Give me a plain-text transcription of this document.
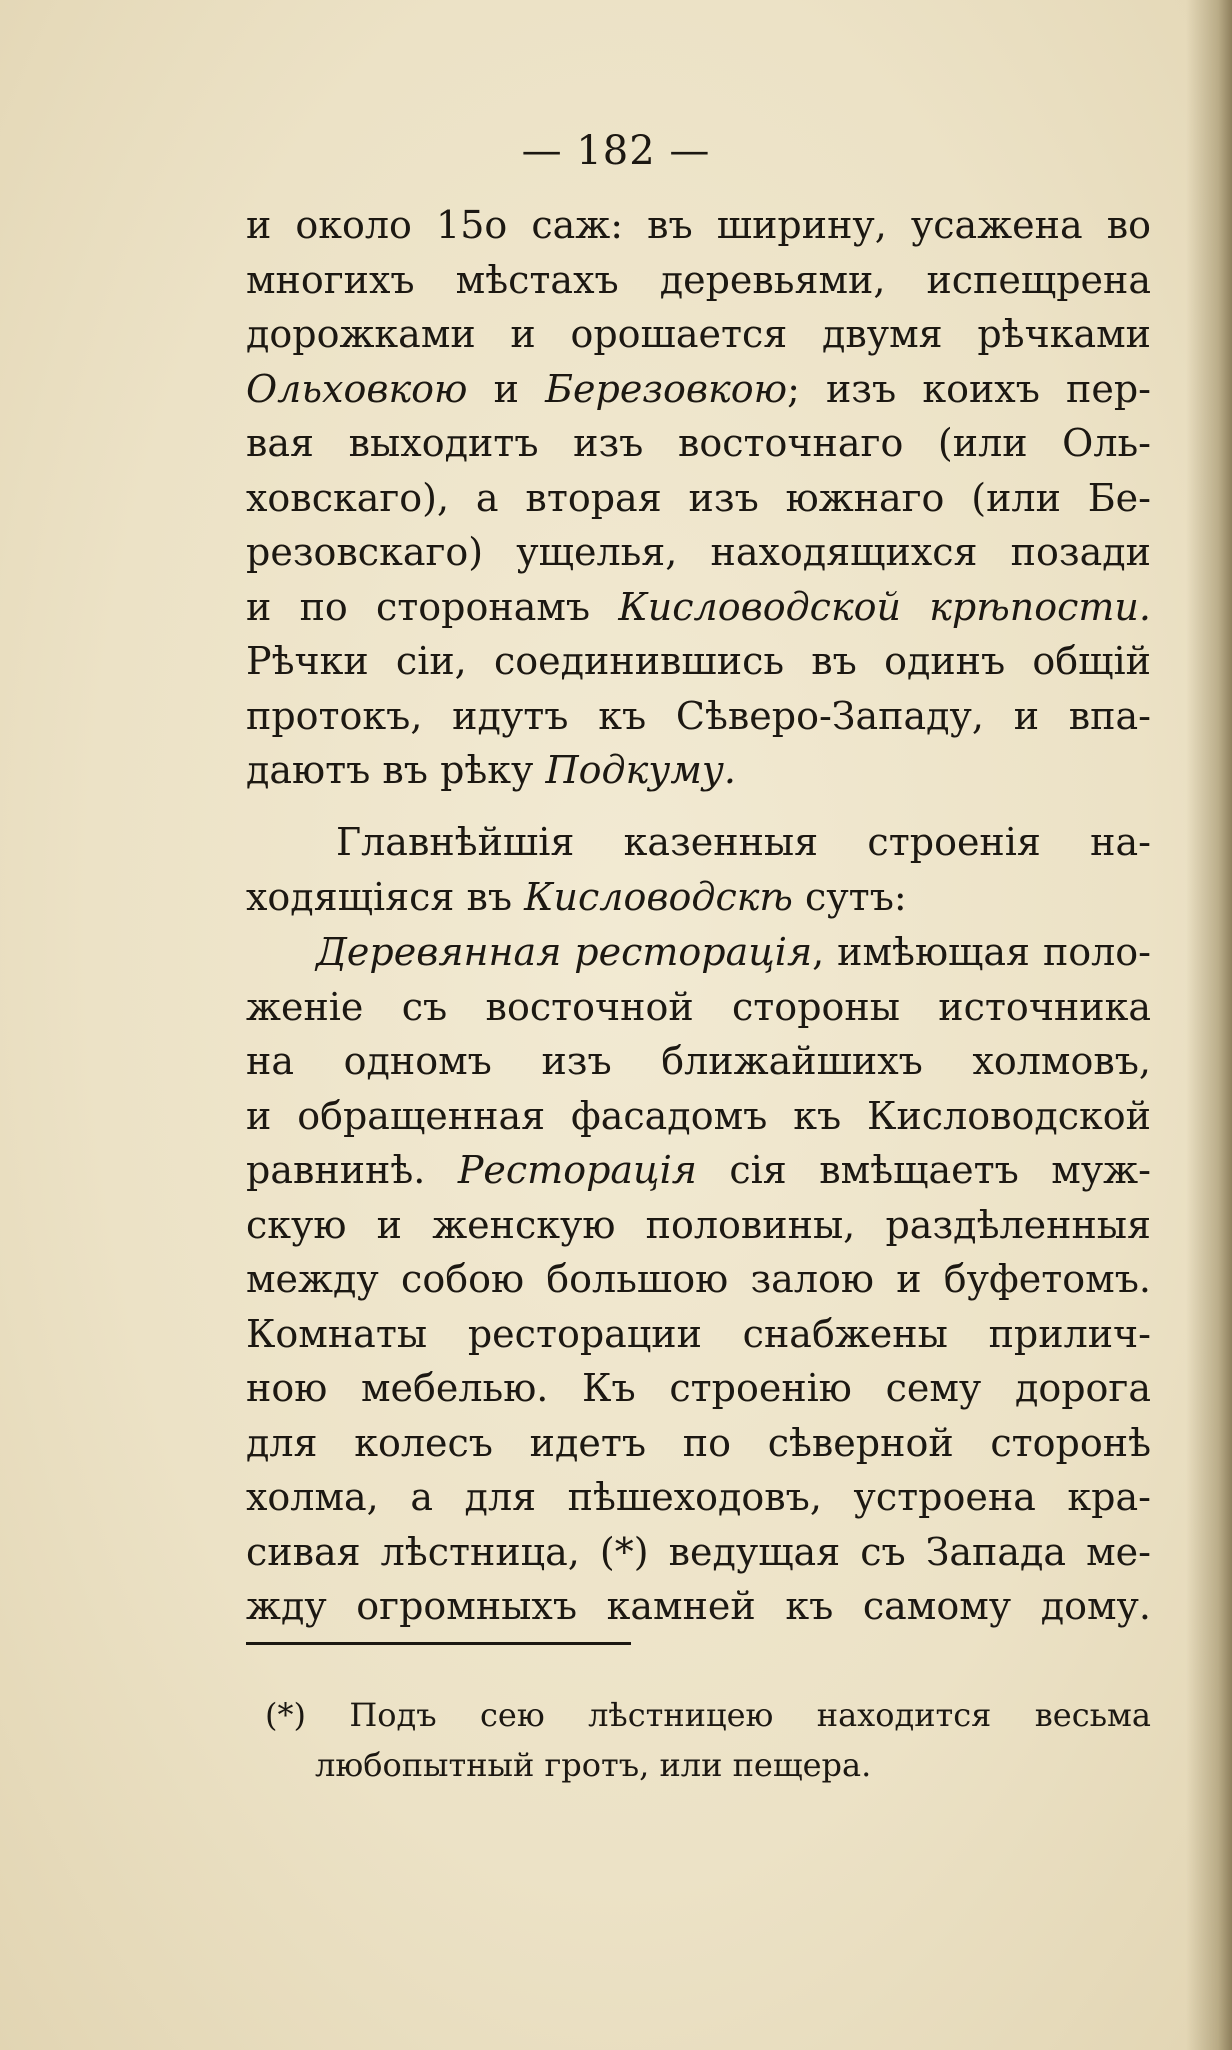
— 182 —
и около 15о саж: въ ширину, усажена во
многихъ мѣстахъ деревьями, испещрена
дорожками и орошается двумя рѣчками
Ольховкою и Березовкою; изъ коихъ пер-
вая выходитъ изъ восточнаго (или Оль-
ховскаго), а вторая изъ южнаго (или Бе-
резовскаго) ущелья, находящихся позади
и по сторонамъ Кисловодской крѣпости.
Рѣчки сіи, соединившись въ одинъ общій
протокъ, идутъ къ Сѣверо-Западу, и впа-
даютъ въ рѣку Подкуму.
Главнѣйшія казенныя строенія на-
ходящіяся въ Кисловодскѣ сутъ:
Деревянная ресторація, имѣющая поло-
женіе съ восточной стороны источника
на одномъ изъ ближайшихъ холмовъ,
и обращенная фасадомъ къ Кисловодской
равнинѣ. Ресторація сія вмѣщаетъ муж-
скую и женскую половины, раздѣленныя
между собою большою залою и буфетомъ.
Комнаты ресторации снабжены прилич-
ною мебелью. Къ строенію сему дорога
для колесъ идетъ по сѣверной сторонѣ
холма, а для пѣшеходовъ, устроена кра-
сивая лѣстница, (*) ведущая съ Запада ме-
жду огромныхъ камней къ самому дому.
(*) Подъ сею лѣстницею находится весьма
любопытный гротъ, или пещера.
